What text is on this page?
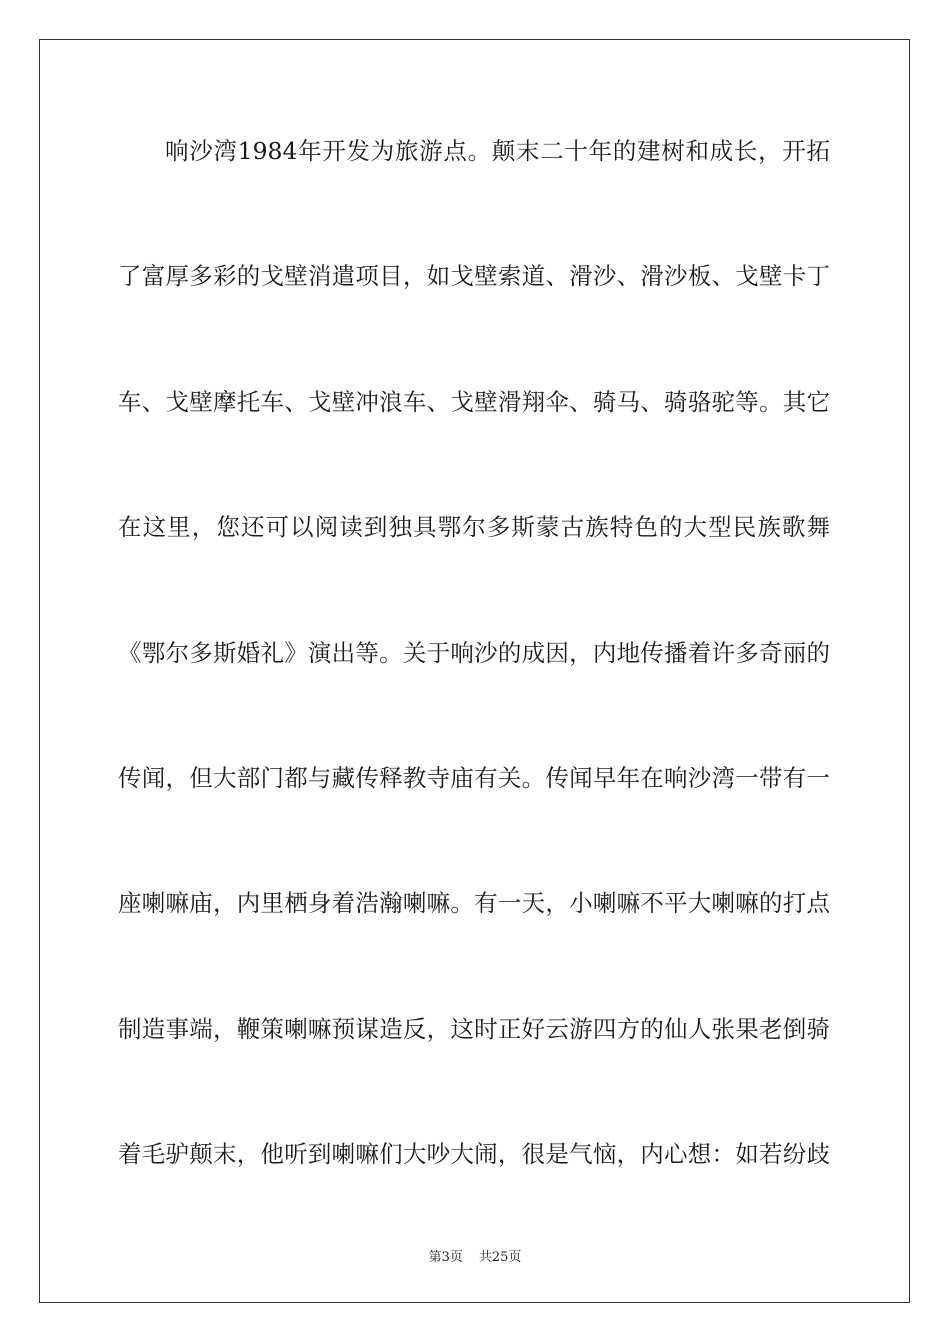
响沙湾1984年开发为旅游点。颠末二十年的建树和成长，开拓
了富厚多彩的戈壁消遣项目，如戈壁索道、滑沙、滑沙板、戈壁卡丁
车、戈壁摩托车、戈壁冲浪车、戈壁滑翔伞、骑马、骑骆驼等。其它
在这里，您还可以阅读到独具鄂尔多斯蒙古族特色的大型民族歌舞
《鄂尔多斯婚礼》演出等。关于响沙的成因，内地传播着许多奇丽的
传闻，但大部门都与藏传释教寺庙有关。传闻早年在响沙湾一带有一
座喇嘛庙，内里栖身着浩瀚喇嘛。有一天，小喇嘛不平大喇嘛的打点
制造事端，鞭策喇嘛预谋造反，这时正好云游四方的仙人张果老倒骑
着毛驴颠末，他听到喇嘛们大吵大闹，很是气恼，内心想：如若纷歧
第3页 共25页
